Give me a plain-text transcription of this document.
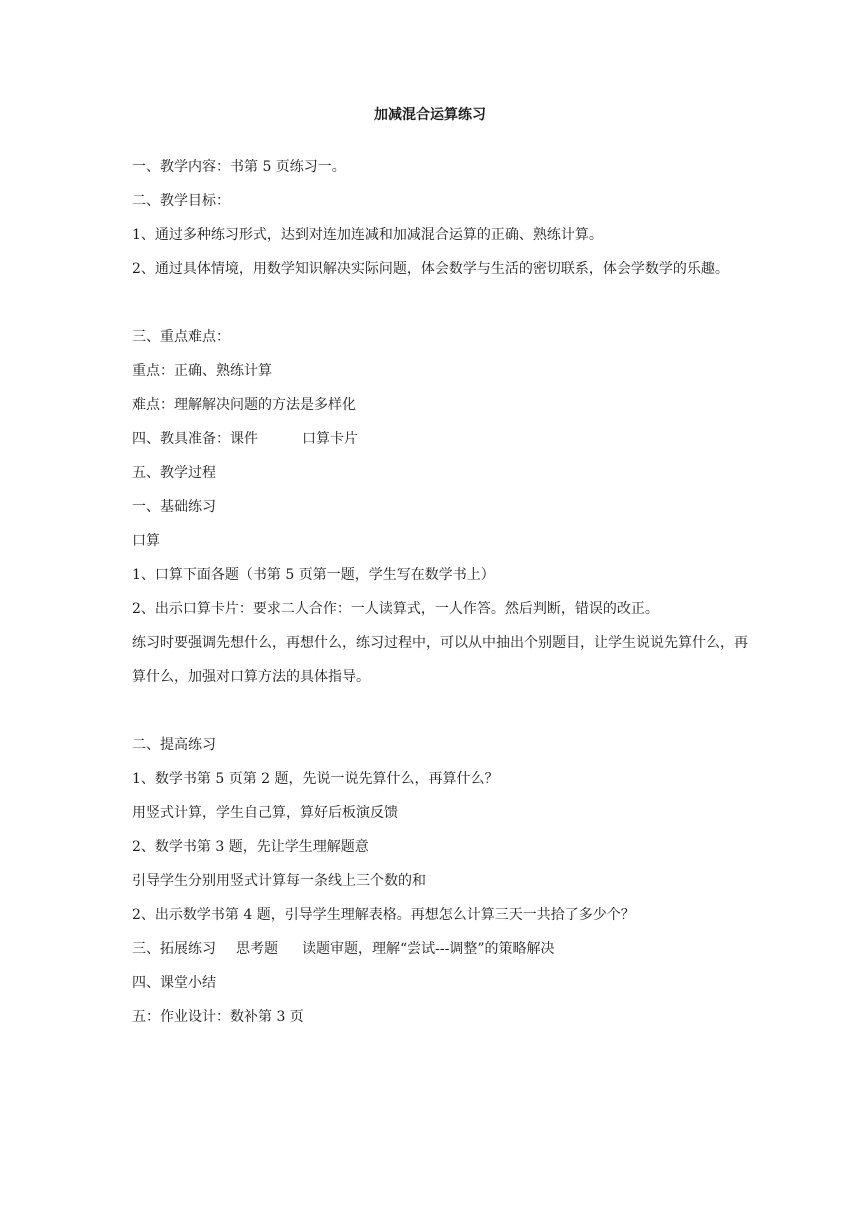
加减混合运算练习
一、教学内容：书第 5 页练习一。
二、教学目标：
1、通过多种练习形式，达到对连加连减和加减混合运算的正确、熟练计算。
2、通过具体情境，用数学知识解决实际问题，体会数学与生活的密切联系，体会学数学的乐趣。
三、重点难点：
重点：正确、熟练计算
难点：理解解决问题的方法是多样化
四、教具准备：课件	口算卡片
五、教学过程
一、基础练习
口算
1、口算下面各题（书第 5 页第一题，学生写在数学书上）
2、出示口算卡片：要求二人合作：一人读算式，一人作答。然后判断，错误的改正。
练习时要强调先想什么，再想什么，练习过程中，可以从中抽出个别题目，让学生说说先算什么，再算什么，加强对口算方法的具体指导。
二、提高练习
1、数学书第 5 页第 2 题，先说一说先算什么，再算什么？
用竖式计算，学生自己算，算好后板演反馈
2、数学书第 3 题，先让学生理解题意
引导学生分别用竖式计算每一条线上三个数的和
2、出示数学书第 4 题，引导学生理解表格。再想怎么计算三天一共拾了多少个？
三、拓展练习 思考题 读题审题，理解“尝试---调整”的策略解决
四、课堂小结
五：作业设计：数补第 3 页
